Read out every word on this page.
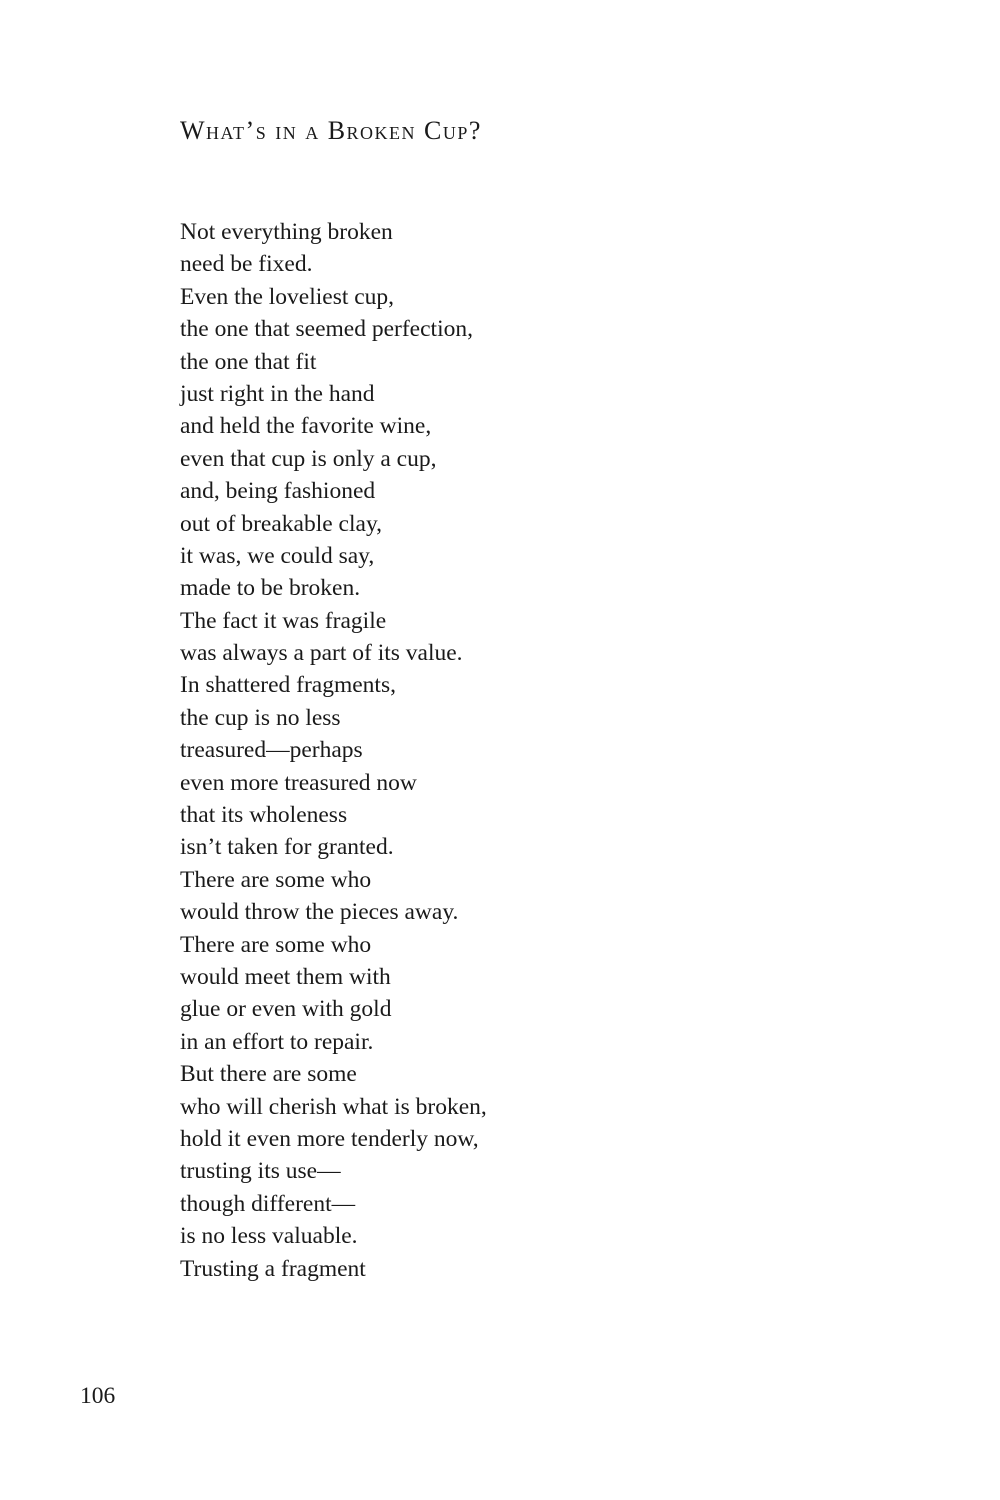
What’s in a Broken Cup?
Not everything broken
need be fixed.
Even the loveliest cup,
the one that seemed perfection,
the one that fit
just right in the hand
and held the favorite wine,
even that cup is only a cup,
and, being fashioned
out of breakable clay,
it was, we could say,
made to be broken.
The fact it was fragile
was always a part of its value.
In shattered fragments,
the cup is no less
treasured—perhaps
even more treasured now
that its wholeness
isn’t taken for granted.
There are some who
would throw the pieces away.
There are some who
would meet them with
glue or even with gold
in an effort to repair.
But there are some
who will cherish what is broken,
hold it even more tenderly now,
trusting its use—
though different—
is no less valuable.
Trusting a fragment
106
